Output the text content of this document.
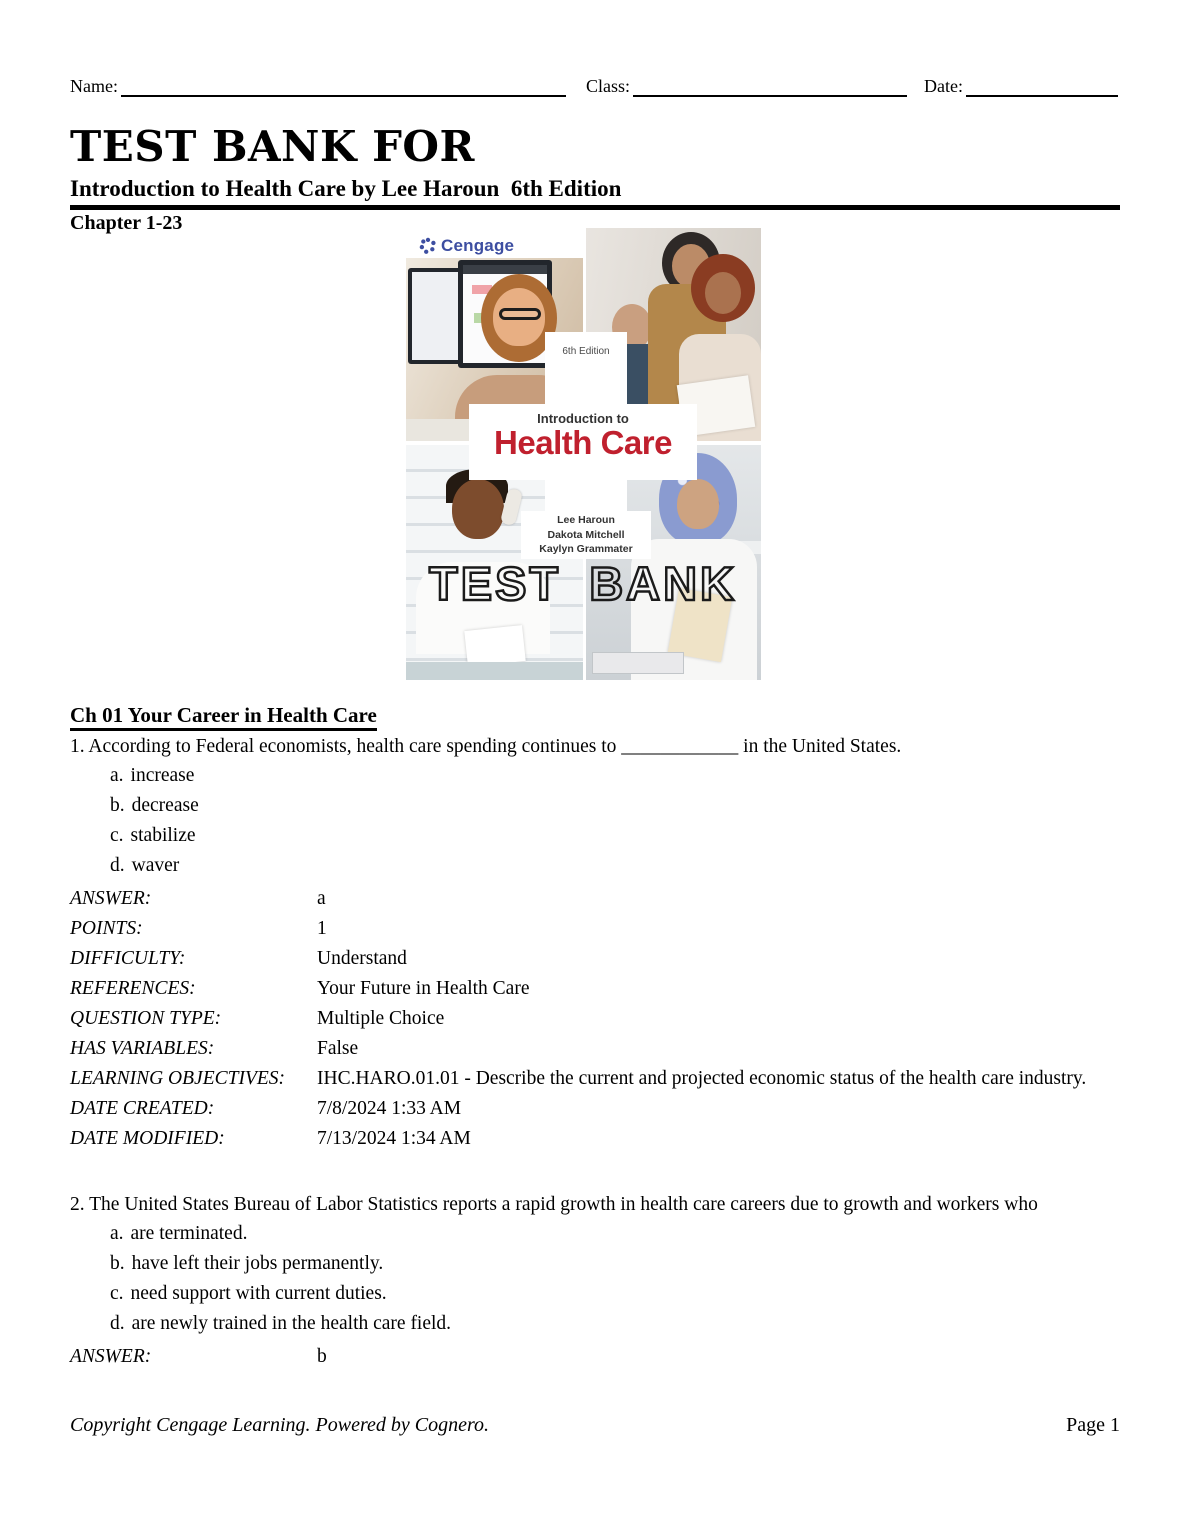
Name:	Class:	Date:
TEST BANK FOR
Introduction to Health Care by Lee Haroun  6th Edition
Chapter 1-23
Cengage
6th Edition
Introduction to
Health Care
Lee Haroun
Dakota Mitchell
Kaylyn Grammater
TEST BANK
Ch 01 Your Career in Health Care
1. According to Federal economists, health care spending continues to ____________ in the United States.
a. increase
b. decrease
c. stabilize
d. waver
ANSWER:	a
POINTS:	1
DIFFICULTY:	Understand
REFERENCES:	Your Future in Health Care
QUESTION TYPE:	Multiple Choice
HAS VARIABLES:	False
LEARNING OBJECTIVES:	IHC.HARO.01.01 - Describe the current and projected economic status of the health care industry.
DATE CREATED:	7/8/2024 1:33 AM
DATE MODIFIED:	7/13/2024 1:34 AM
2. The United States Bureau of Labor Statistics reports a rapid growth in health care careers due to growth and workers who
a. are terminated.
b. have left their jobs permanently.
c. need support with current duties.
d. are newly trained in the health care field.
ANSWER:	b
Copyright Cengage Learning. Powered by Cognero.	Page 1
